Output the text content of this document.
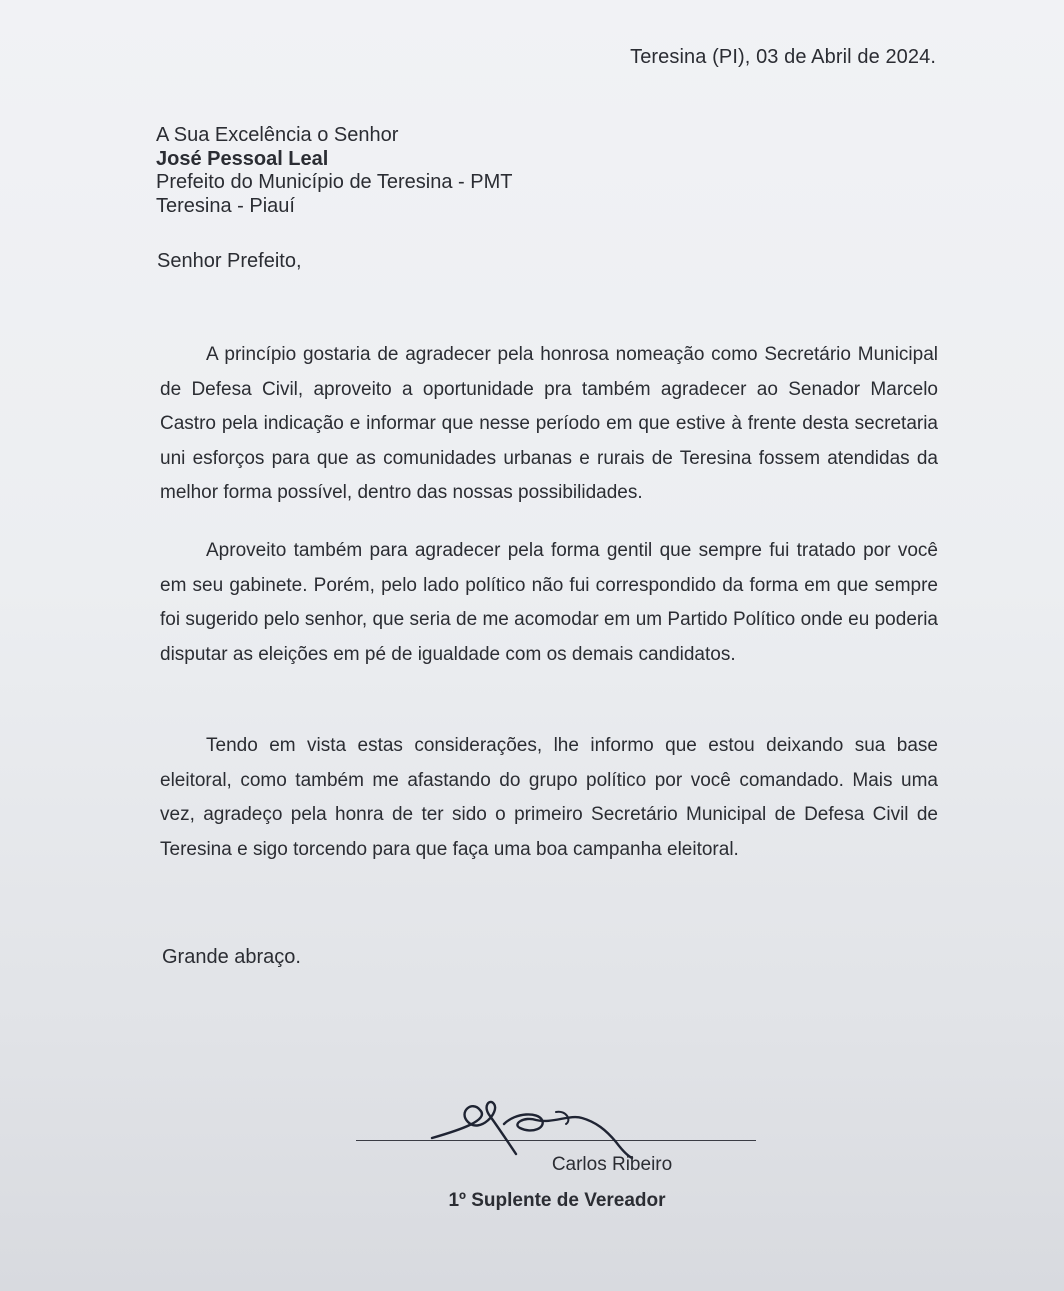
Teresina (PI), 03 de Abril de 2024.
A Sua Excelência o Senhor
José Pessoal Leal
Prefeito do Município de Teresina - PMT
Teresina - Piauí
Senhor Prefeito,

A princípio gostaria de agradecer pela honrosa nomeação como Secretário Municipal de Defesa Civil, aproveito a oportunidade pra também agradecer ao Senador Marcelo Castro pela indicação e informar que nesse período em que estive à frente desta secretaria uni esforços para que as comunidades urbanas e rurais de Teresina fossem atendidas da melhor forma possível, dentro das nossas possibilidades.

Aproveito também para agradecer pela forma gentil que sempre fui tratado por você em seu gabinete. Porém, pelo lado político não fui correspondido da forma em que sempre foi sugerido pelo senhor, que seria de me acomodar em um Partido Político onde eu poderia disputar as eleições em pé de igualdade com os demais candidatos.

Tendo em vista estas considerações, lhe informo que estou deixando sua base eleitoral, como também me afastando do grupo político por você comandado. Mais uma vez, agradeço pela honra de ter sido o primeiro Secretário Municipal de Defesa Civil de Teresina e sigo torcendo para que faça uma boa campanha eleitoral.

Grande abraço.
Carlos Ribeiro
1º Suplente de Vereador
